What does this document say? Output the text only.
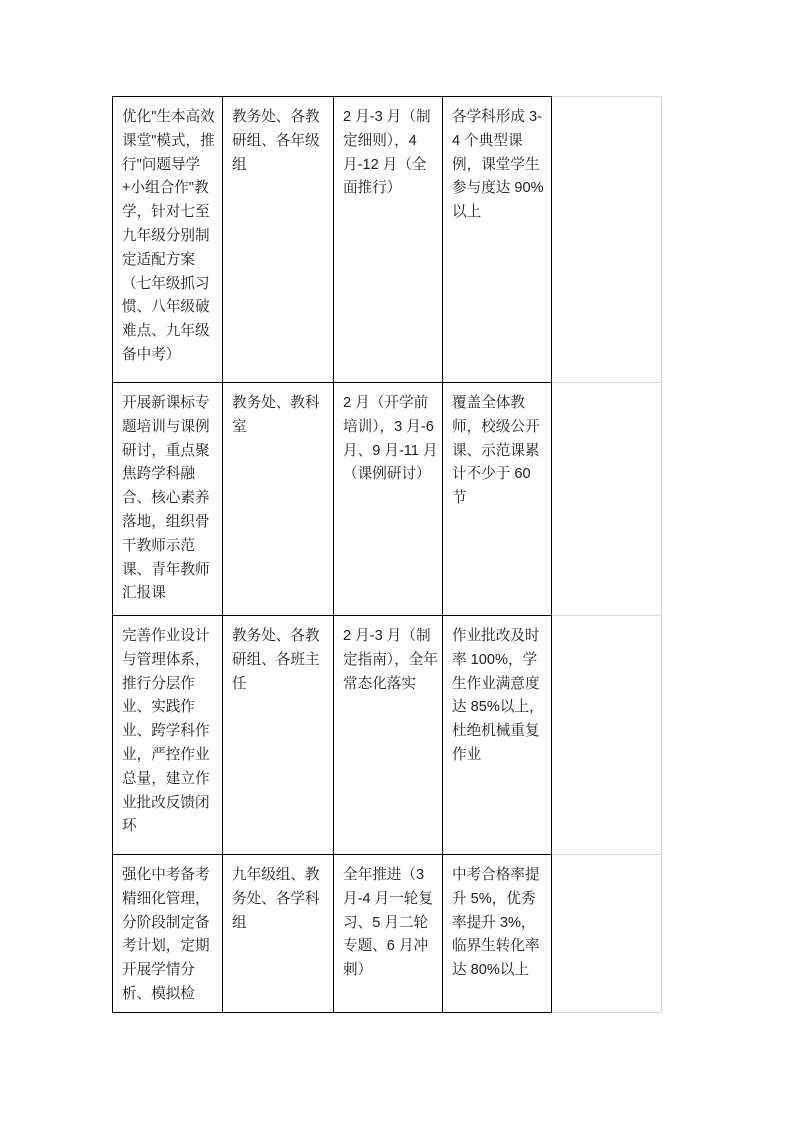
优化"生本高效课堂"模式，推行"问题导学+小组合作"教学，针对七至九年级分别制定适配方案（七年级抓习惯、八年级破难点、九年级备中考）	教务处、各教研组、各年级组	2 月-3 月（制定细则），4 月-12 月（全面推行）	各学科形成 3-4 个典型课例，课堂学生参与度达 90%以上	

开展新课标专题培训与课例研讨，重点聚焦跨学科融合、核心素养落地，组织骨干教师示范课、青年教师汇报课	教务处、教科室	2 月（开学前培训），3 月-6 月、9 月-11 月（课例研讨）	覆盖全体教师，校级公开课、示范课累计不少于 60 节	

完善作业设计与管理体系，推行分层作业、实践作业、跨学科作业，严控作业总量，建立作业批改反馈闭环	教务处、各教研组、各班主任	2 月-3 月（制定指南），全年常态化落实	作业批改及时率 100%，学生作业满意度达 85%以上，杜绝机械重复作业	

强化中考备考精细化管理，分阶段制定备考计划，定期开展学情分析、模拟检	九年级组、教务处、各学科组	全年推进（3 月-4 月一轮复习、5 月二轮专题、6 月冲刺）	中考合格率提升 5%，优秀率提升 3%，临界生转化率达 80%以上	
